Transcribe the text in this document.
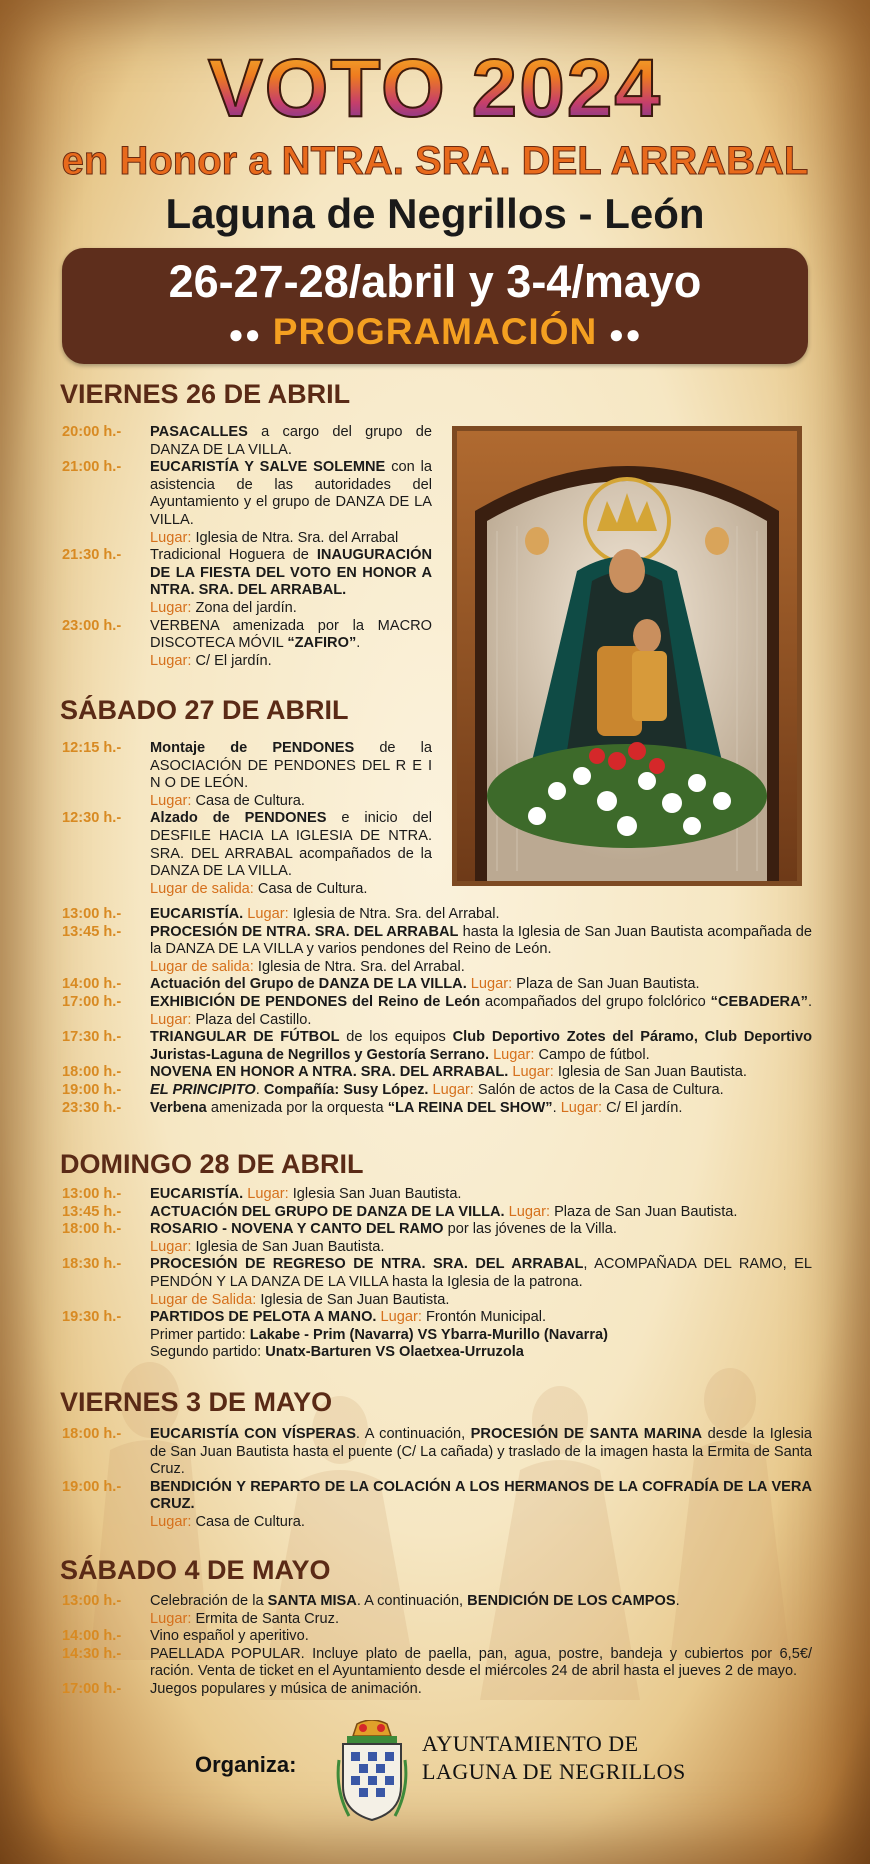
VOTO 2024
en Honor a NTRA. SRA. DEL ARRABAL
Laguna de Negrillos - León
26-27-28/abril y 3-4/mayo
●● PROGRAMACIÓN ●●
VIERNES 26 DE ABRIL
20:00 h.-	PASACALLES a cargo del grupo de DANZA DE LA VILLA.
21:00 h.-	EUCARISTÍA Y SALVE SOLEMNE con la asistencia de las autoridades del Ayuntamiento y el grupo de DANZA DE LA VILLA.
Lugar: Iglesia de Ntra. Sra. del Arrabal
21:30 h.-	Tradicional Hoguera de INAUGURACIÓN DE LA FIESTA DEL VOTO EN HONOR A NTRA. SRA. DEL ARRABAL.
Lugar: Zona del jardín.
23:00 h.-	VERBENA amenizada por la MACRO DISCOTECA MÓVIL “ZAFIRO”.
Lugar: C/ El jardín.
SÁBADO 27 DE ABRIL
12:15 h.-	Montaje de PENDONES de la ASOCIACIÓN DE PENDONES DEL R E I N O DE LEÓN.
Lugar: Casa de Cultura.
12:30 h.-	Alzado de PENDONES e inicio del DESFILE HACIA LA IGLESIA DE NTRA. SRA. DEL ARRABAL acompañados de la DANZA DE LA VILLA.
Lugar de salida: Casa de Cultura.
13:00 h.-	EUCARISTÍA. Lugar: Iglesia de Ntra. Sra. del Arrabal.
13:45 h.-	PROCESIÓN DE NTRA. SRA. DEL ARRABAL hasta la Iglesia de San Juan Bautista acompañada de la DANZA DE LA VILLA y varios pendones del Reino de León.
Lugar de salida: Iglesia de Ntra. Sra. del Arrabal.
14:00 h.-	Actuación del Grupo de DANZA DE LA VILLA. Lugar: Plaza de San Juan Bautista.
17:00 h.-	EXHIBICIÓN DE PENDONES del Reino de León acompañados del grupo folclórico “CEBADERA”. Lugar: Plaza del Castillo.
17:30 h.-	TRIANGULAR DE FÚTBOL de los equipos Club Deportivo Zotes del Páramo, Club Deportivo Juristas-Laguna de Negrillos y Gestoría Serrano. Lugar: Campo de fútbol.
18:00 h.-	NOVENA EN HONOR A NTRA. SRA. DEL ARRABAL. Lugar: Iglesia de San Juan Bautista.
19:00 h.-	EL PRINCIPITO. Compañía: Susy López. Lugar: Salón de actos de la Casa de Cultura.
23:30 h.-	Verbena amenizada por la orquesta “LA REINA DEL SHOW”. Lugar: C/ El jardín.
DOMINGO 28 DE ABRIL
13:00 h.-	EUCARISTÍA. Lugar: Iglesia San Juan Bautista.
13:45 h.-	ACTUACIÓN DEL GRUPO DE DANZA DE LA VILLA. Lugar: Plaza de San Juan Bautista.
18:00 h.-	ROSARIO - NOVENA Y CANTO DEL RAMO por las jóvenes de la Villa.
Lugar: Iglesia de San Juan Bautista.
18:30 h.-	PROCESIÓN DE REGRESO DE NTRA. SRA. DEL ARRABAL, ACOMPAÑADA DEL RAMO, EL PENDÓN Y LA DANZA DE LA VILLA hasta la Iglesia de la patrona.
Lugar de Salida: Iglesia de San Juan Bautista.
19:30 h.-	PARTIDOS DE PELOTA A MANO. Lugar: Frontón Municipal.
Primer partido: Lakabe - Prim (Navarra) VS Ybarra-Murillo (Navarra)
Segundo partido: Unatx-Barturen VS Olaetxea-Urruzola
VIERNES 3 DE MAYO
18:00 h.-	EUCARISTÍA CON VÍSPERAS. A continuación, PROCESIÓN DE SANTA MARINA desde la Iglesia de San Juan Bautista hasta el puente (C/ La cañada) y traslado de la imagen hasta la Ermita de Santa Cruz.
19:00 h.-	BENDICIÓN Y REPARTO DE LA COLACIÓN A LOS HERMANOS DE LA COFRADÍA DE LA VERA CRUZ.
Lugar: Casa de Cultura.
SÁBADO 4 DE MAYO
13:00 h.-	Celebración de la SANTA MISA. A continuación, BENDICIÓN DE LOS CAMPOS.
Lugar: Ermita de Santa Cruz.
14:00 h.-	Vino español y aperitivo.
14:30 h.-	PAELLADA POPULAR. Incluye plato de paella, pan, agua, postre, bandeja y cubiertos por 6,5€/ ración. Venta de ticket en el Ayuntamiento desde el miércoles 24 de abril hasta el jueves 2 de mayo.
17:00 h.-	Juegos populares y música de animación.
Organiza:
AYUNTAMIENTO DE
LAGUNA DE NEGRILLOS
